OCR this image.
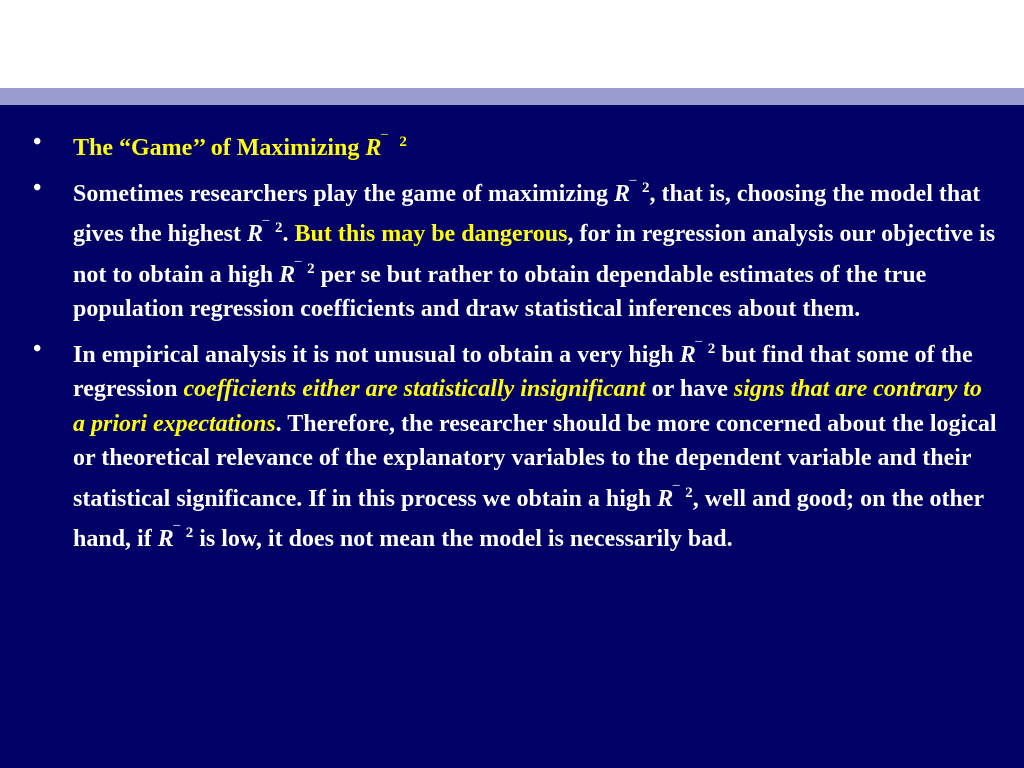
• The “Game’’ of Maximizing R‾ $^2$
• Sometimes researchers play the game of maximizing R‾ $^2$, that is, choosing the model that gives the highest R‾ $^2$. But this may be dangerous, for in regression analysis our objective is not to obtain a high R‾ $^2$ per se but rather to obtain dependable estimates of the true population regression coefficients and draw statistical inferences about them.
• In empirical analysis it is not unusual to obtain a very high R‾ $^2$ but find that some of the regression coefficients either are statistically insignificant or have signs that are contrary to a priori expectations. Therefore, the researcher should be more concerned about the logical or theoretical relevance of the explanatory variables to the dependent variable and their statistical significance. If in this process we obtain a high R‾ $^2$, well and good; on the other hand, if R‾ $^2$ is low, it does not mean the model is necessarily bad.
